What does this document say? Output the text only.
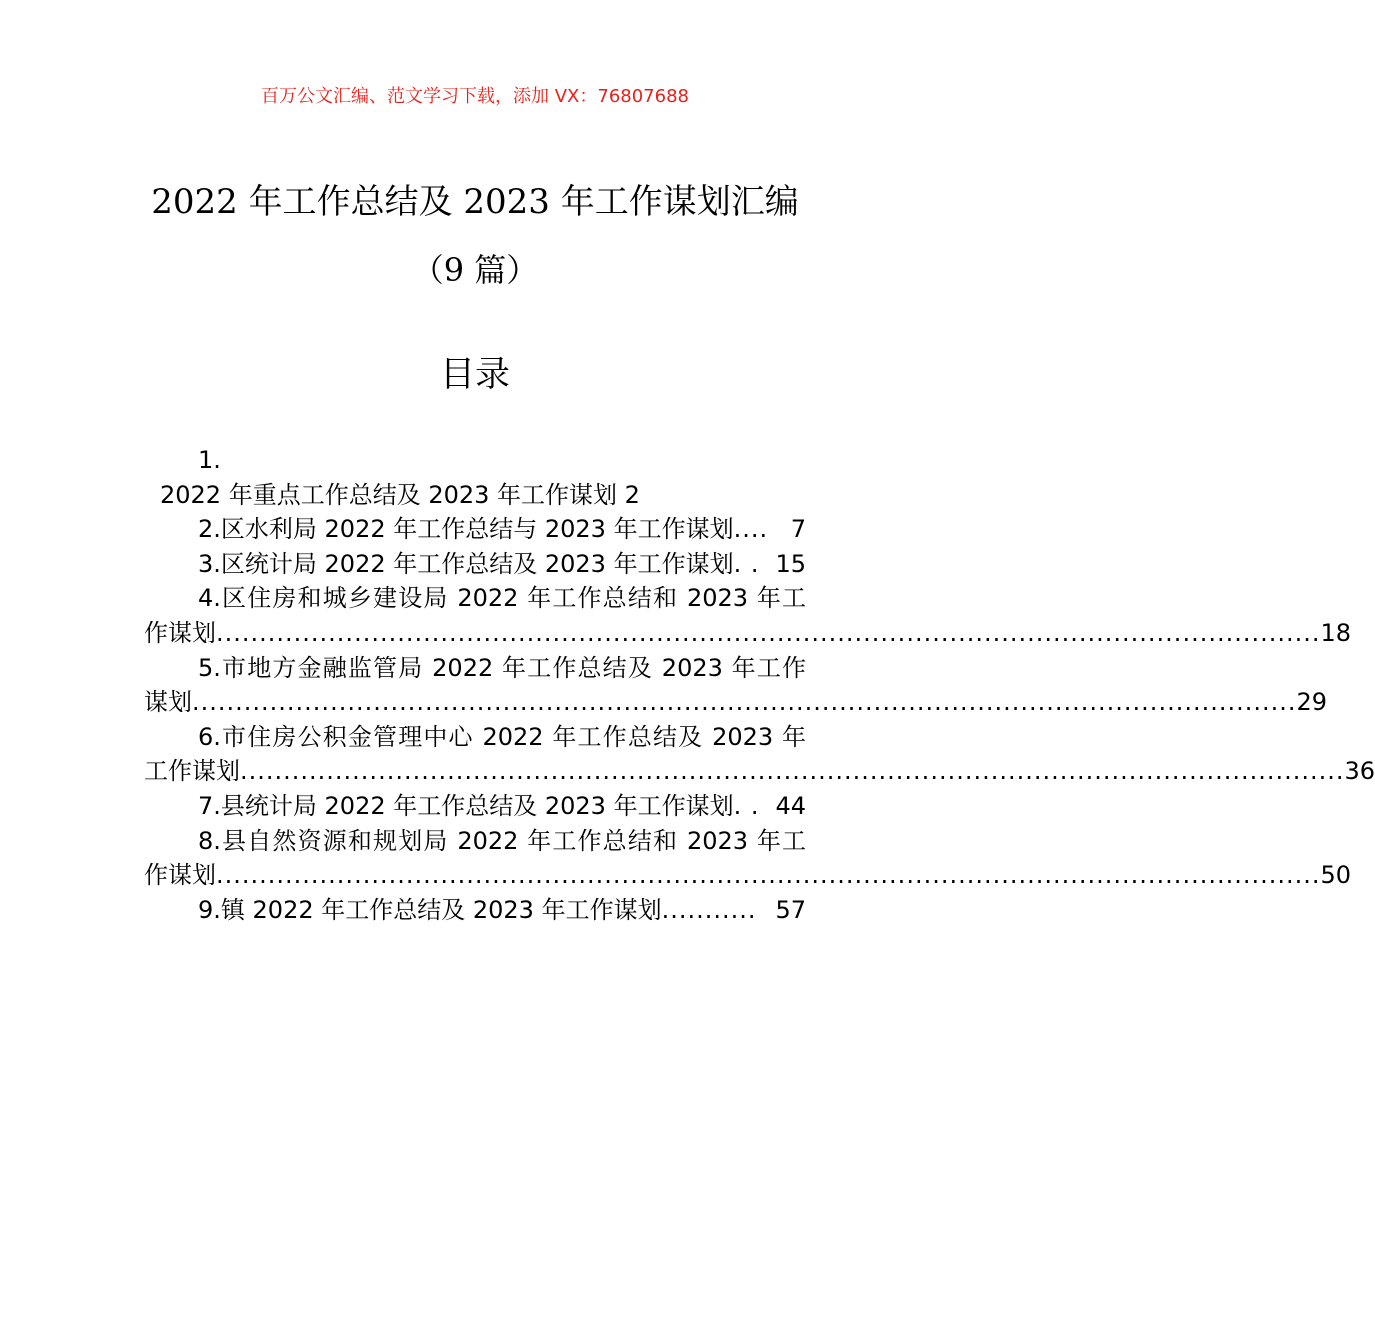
百万公文汇编、范文学习下载，添加 VX：76807688
2022 年工作总结及 2023 年工作谋划汇编
（9 篇）
目录
1.
2022 年重点工作总结及 2023 年工作谋划 2
2.区水利局 2022 年工作总结与 2023 年工作谋划 .... 7
3.区统计局 2022 年工作总结及 2023 年工作谋划 . . 15
4.区住房和城乡建设局 2022 年工作总结和 2023 年工
作谋划 ................................................................................................................................ 18
5.市地方金融监管局 2022 年工作总结及 2023 年工作
谋划 ................................................................................................................................ 29
6.市住房公积金管理中心 2022 年工作总结及 2023 年
工作谋划 ................................................................................................................................ 36
7.县统计局 2022 年工作总结及 2023 年工作谋划 . . 44
8.县自然资源和规划局 2022 年工作总结和 2023 年工
作谋划 ................................................................................................................................ 50
9.镇 2022 年工作总结及 2023 年工作谋划 ........... 57
